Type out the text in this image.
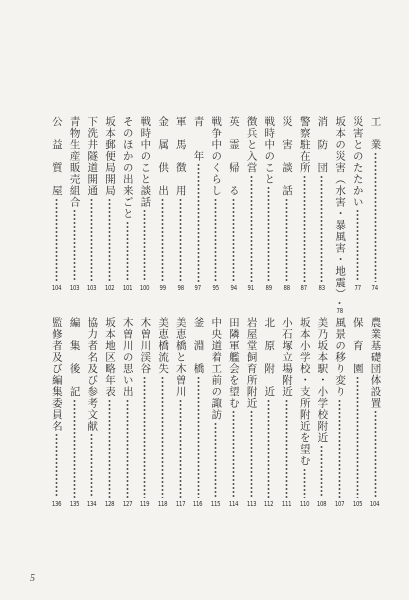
工　業
74
災害とのたたかい
77
坂本の災害（水害・暴風害・地震）
78
消　防　団
83
警察駐在所
87
災　害　談　話
88
戦時中のこと
89
徴兵と入営
91
英　霊　帰　る
94
戦争中のくらし
95
青　　年
97
軍　馬　徴　用
98
金　属　供　出
99
戦時中のこと談話
100
そのほかの出来ごと
101
坂本郵便局開局
102
下洗井隧道開通
103
青物生産販売組合
103
公　益　質　屋
104
農業基礎団体設置
104
保　育　園
105
風景の移り変り
107
美乃坂本駅・小学校附近
108
坂本小学校・支所附近を望む
110
小石塚立場附近
111
北　原　附　近
112
岩屋堂飼育所附近
113
田隣軍艦会を望む
114
中央道着工前の諏訪
115
釜　淵　橋
116
美恵橋と木曽川
117
美恵橋流失
118
木曽川渓谷
119
木曽川の思い出
127
坂本地区略年表
128
協力者名及び参考文献
134
編　集　後　記
135
監修者及び編集委員名
136
5
